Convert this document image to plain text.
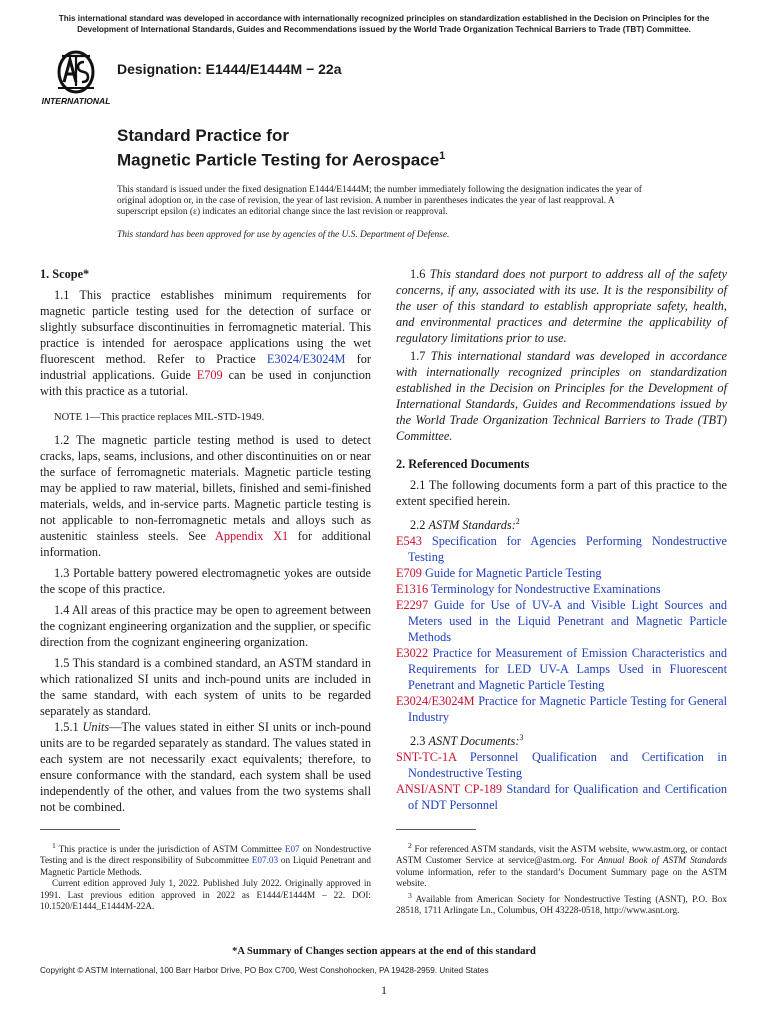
This international standard was developed in accordance with internationally recognized principles on standardization established in the Decision on Principles for the Development of International Standards, Guides and Recommendations issued by the World Trade Organization Technical Barriers to Trade (TBT) Committee.
INTERNATIONAL
Designation: E1444/E1444M − 22a
Standard Practice for
Magnetic Particle Testing for Aerospace$^1$
This standard is issued under the fixed designation E1444/E1444M; the number immediately following the designation indicates the year of original adoption or, in the case of revision, the year of last revision. A number in parentheses indicates the year of last reapproval. A superscript epsilon (ε) indicates an editorial change since the last revision or reapproval.
This standard has been approved for use by agencies of the U.S. Department of Defense.

1. Scope*

1.1 This practice establishes minimum requirements for magnetic particle testing used for the detection of surface or slightly subsurface discontinuities in ferromagnetic material. This practice is intended for aerospace applications using the wet fluorescent method. Refer to Practice E3024/E3024M for industrial applications. Guide E709 can be used in conjunction with this practice as a tutorial.

NOTE 1—This practice replaces MIL-STD-1949.

1.2 The magnetic particle testing method is used to detect cracks, laps, seams, inclusions, and other discontinuities on or near the surface of ferromagnetic materials. Magnetic particle testing may be applied to raw material, billets, finished and semi-finished materials, welds, and in-service parts. Magnetic particle testing is not applicable to non-ferromagnetic metals and alloys such as austenitic stainless steels. See Appendix X1 for additional information.

1.3 Portable battery powered electromagnetic yokes are outside the scope of this practice.

1.4 All areas of this practice may be open to agreement between the cognizant engineering organization and the supplier, or specific direction from the cognizant engineering organization.

1.5 This standard is a combined standard, an ASTM standard in which rationalized SI units and inch-pound units are included in the same standard, with each system of units to be regarded separately as standard.

1.5.1 Units—The values stated in either SI units or inch-pound units are to be regarded separately as standard. The values stated in each system are not necessarily exact equivalents; therefore, to ensure conformance with the standard, each system shall be used independently of the other, and values from the two systems shall not be combined.

1.6 This standard does not purport to address all of the safety concerns, if any, associated with its use. It is the responsibility of the user of this standard to establish appropriate safety, health, and environmental practices and determine the applicability of regulatory limitations prior to use.

1.7 This international standard was developed in accordance with internationally recognized principles on standardization established in the Decision on Principles for the Development of International Standards, Guides and Recommendations issued by the World Trade Organization Technical Barriers to Trade (TBT) Committee.

2. Referenced Documents

2.1 The following documents form a part of this practice to the extent specified herein.

2.2 ASTM Standards:$^2$

E543 Specification for Agencies Performing Nondestructive Testing

E709 Guide for Magnetic Particle Testing

E1316 Terminology for Nondestructive Examinations

E2297 Guide for Use of UV-A and Visible Light Sources and Meters used in the Liquid Penetrant and Magnetic Particle Methods

E3022 Practice for Measurement of Emission Characteristics and Requirements for LED UV-A Lamps Used in Fluorescent Penetrant and Magnetic Particle Testing

E3024/E3024M Practice for Magnetic Particle Testing for General Industry

2.3 ASNT Documents:$^3$

SNT-TC-1A Personnel Qualification and Certification in Nondestructive Testing

ANSI/ASNT CP-189 Standard for Qualification and Certification of NDT Personnel

$^1$ This practice is under the jurisdiction of ASTM Committee E07 on Nondestructive Testing and is the direct responsibility of Subcommittee E07.03 on Liquid Penetrant and Magnetic Particle Methods.
Current edition approved July 1, 2022. Published July 2022. Originally approved in 1991. Last previous edition approved in 2022 as E1444/E1444M – 22. DOI: 10.1520/E1444_E1444M-22A.
$^2$ For referenced ASTM standards, visit the ASTM website, www.astm.org, or contact ASTM Customer Service at service@astm.org. For Annual Book of ASTM Standards volume information, refer to the standard’s Document Summary page on the ASTM website.
$^3$ Available from American Society for Nondestructive Testing (ASNT), P.O. Box 28518, 1711 Arlingate Ln., Columbus, OH 43228-0518, http://www.asnt.org.
*A Summary of Changes section appears at the end of this standard
Copyright © ASTM International, 100 Barr Harbor Drive, PO Box C700, West Conshohocken, PA 19428-2959. United States
1
